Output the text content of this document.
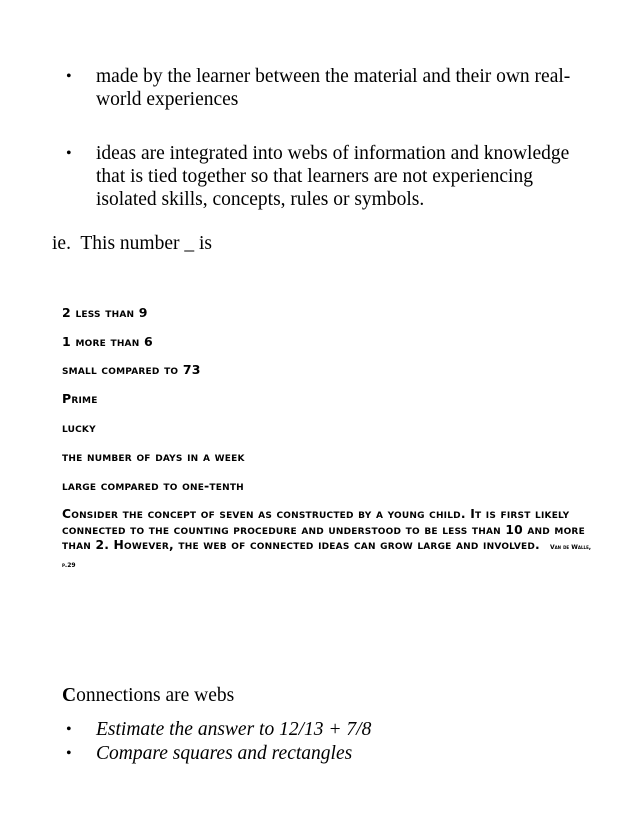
•	made by the learner between the material and their own real-world experiences
•	ideas are integrated into webs of information and knowledge that is tied together so that learners are not experiencing isolated skills, concepts, rules or symbols.
ie. This number _ is
2 less than 9
1 more than 6
small compared to 73
Prime
lucky
the number of days in a week
large compared to one-tenth
Consider the concept of seven as constructed by a young child. It is first likely connected to the counting procedure and understood to be less than 10 and more than 2. However, the web of connected ideas can grow large and involved. Van de Walle, p.29
Connections are webs
•	Estimate the answer to 12/13 + 7/8
•	Compare squares and rectangles
